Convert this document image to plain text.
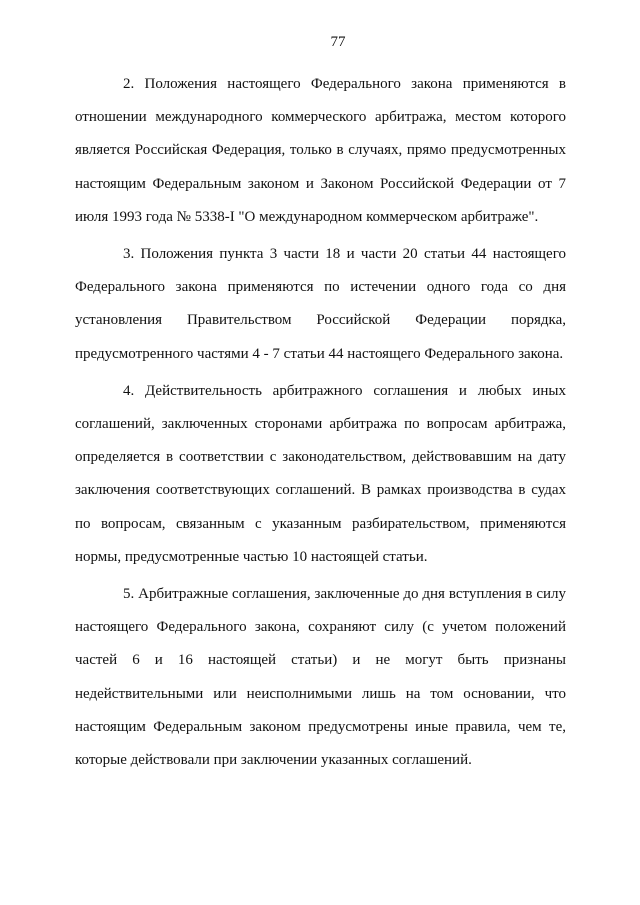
77

2. Положения настоящего Федерального закона применяются в отношении международного коммерческого арбитража, местом которого является Российская Федерация, только в случаях, прямо предусмотренных настоящим Федеральным законом и Законом Российской Федерации от 7 июля 1993 года № 5338-I "О международном коммерческом арбитраже".

3. Положения пункта 3 части 18 и части 20 статьи 44 настоящего Федерального закона применяются по истечении одного года со дня установления Правительством Российской Федерации порядка, предусмотренного частями 4 - 7 статьи 44 настоящего Федерального закона.

4. Действительность арбитражного соглашения и любых иных соглашений, заключенных сторонами арбитража по вопросам арбитража, определяется в соответствии с законодательством, действовавшим на дату заключения соответствующих соглашений. В рамках производства в судах по вопросам, связанным с указанным разбирательством, применяются нормы, предусмотренные частью 10 настоящей статьи.

5. Арбитражные соглашения, заключенные до дня вступления в силу настоящего Федерального закона, сохраняют силу (с учетом положений частей 6 и 16 настоящей статьи) и не могут быть признаны недействительными или неисполнимыми лишь на том основании, что настоящим Федеральным законом предусмотрены иные правила, чем те, которые действовали при заключении указанных соглашений.
